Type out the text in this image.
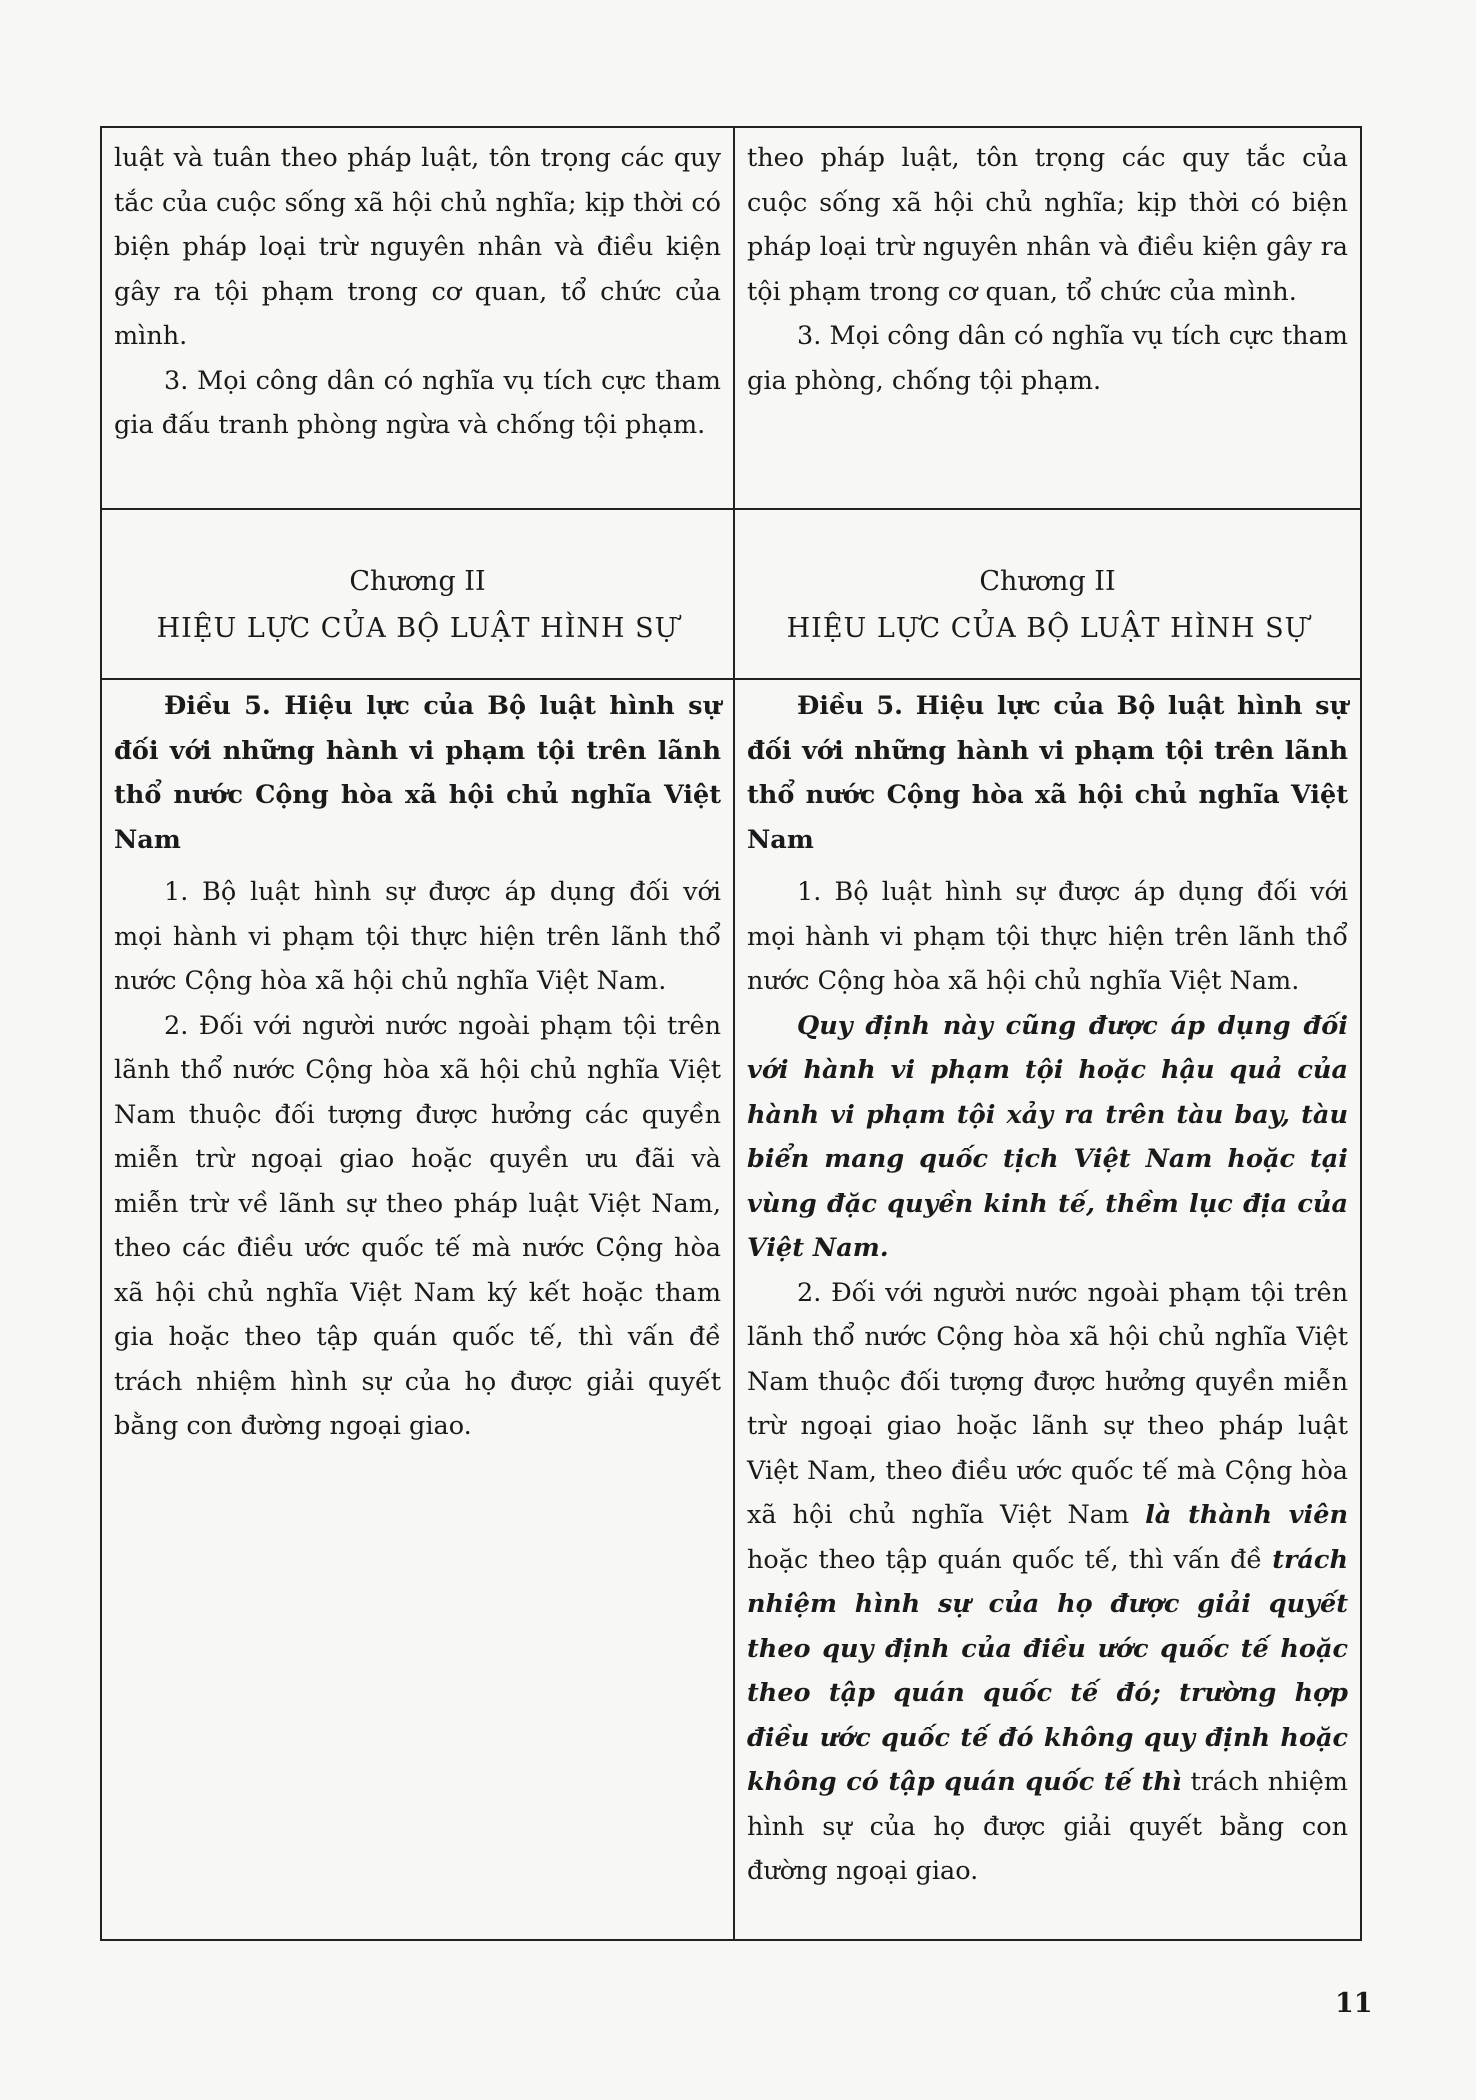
luật và tuân theo pháp luật, tôn trọng các quy tắc của cuộc sống xã hội chủ nghĩa; kịp thời có biện pháp loại trừ nguyên nhân và điều kiện gây ra tội phạm trong cơ quan, tổ chức của mình.

3. Mọi công dân có nghĩa vụ tích cực tham gia đấu tranh phòng ngừa và chống tội phạm.

theo pháp luật, tôn trọng các quy tắc của cuộc sống xã hội chủ nghĩa; kịp thời có biện pháp loại trừ nguyên nhân và điều kiện gây ra tội phạm trong cơ quan, tổ chức của mình.

3. Mọi công dân có nghĩa vụ tích cực tham gia phòng, chống tội phạm.

Chương II
HIỆU LỰC CỦA BỘ LUẬT HÌNH SỰ
Chương II
HIỆU LỰC CỦA BỘ LUẬT HÌNH SỰ

Điều 5. Hiệu lực của Bộ luật hình sự đối với những hành vi phạm tội trên lãnh thổ nước Cộng hòa xã hội chủ nghĩa Việt Nam

1. Bộ luật hình sự được áp dụng đối với mọi hành vi phạm tội thực hiện trên lãnh thổ nước Cộng hòa xã hội chủ nghĩa Việt Nam.

2. Đối với người nước ngoài phạm tội trên lãnh thổ nước Cộng hòa xã hội chủ nghĩa Việt Nam thuộc đối tượng được hưởng các quyền miễn trừ ngoại giao hoặc quyền ưu đãi và miễn trừ về lãnh sự theo pháp luật Việt Nam, theo các điều ước quốc tế mà nước Cộng hòa xã hội chủ nghĩa Việt Nam ký kết hoặc tham gia hoặc theo tập quán quốc tế, thì vấn đề trách nhiệm hình sự của họ được giải quyết bằng con đường ngoại giao.

Điều 5. Hiệu lực của Bộ luật hình sự đối với những hành vi phạm tội trên lãnh thổ nước Cộng hòa xã hội chủ nghĩa Việt Nam

1. Bộ luật hình sự được áp dụng đối với mọi hành vi phạm tội thực hiện trên lãnh thổ nước Cộng hòa xã hội chủ nghĩa Việt Nam.

Quy định này cũng được áp dụng đối với hành vi phạm tội hoặc hậu quả của hành vi phạm tội xảy ra trên tàu bay, tàu biển mang quốc tịch Việt Nam hoặc tại vùng đặc quyền kinh tế, thềm lục địa của Việt Nam.

2. Đối với người nước ngoài phạm tội trên lãnh thổ nước Cộng hòa xã hội chủ nghĩa Việt Nam thuộc đối tượng được hưởng quyền miễn trừ ngoại giao hoặc lãnh sự theo pháp luật Việt Nam, theo điều ước quốc tế mà Cộng hòa xã hội chủ nghĩa Việt Nam là thành viên hoặc theo tập quán quốc tế, thì vấn đề trách nhiệm hình sự của họ được giải quyết theo quy định của điều ước quốc tế hoặc theo tập quán quốc tế đó; trường hợp điều ước quốc tế đó không quy định hoặc không có tập quán quốc tế thì trách nhiệm hình sự của họ được giải quyết bằng con đường ngoại giao.

11
